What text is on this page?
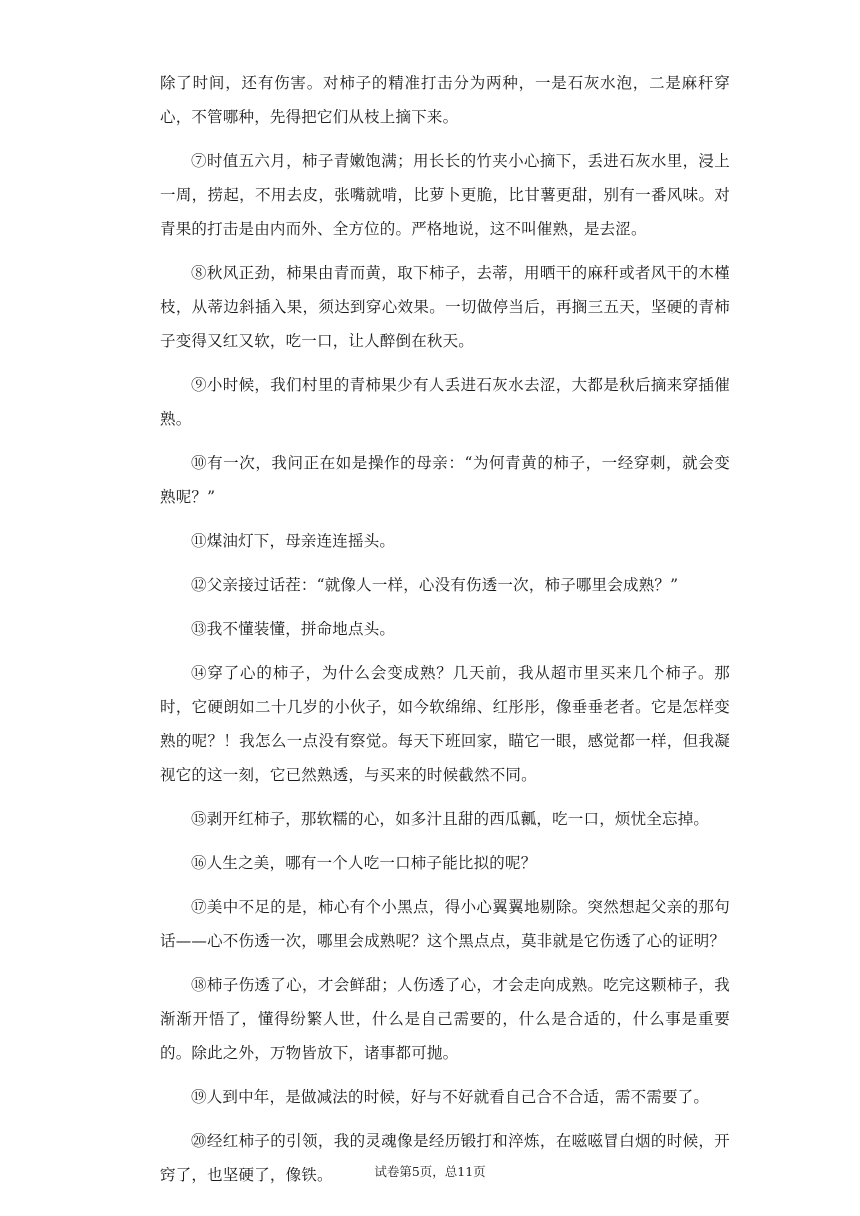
除了时间，还有伤害。对柿子的精准打击分为两种，一是石灰水泡，二是麻秆穿心，不管哪种，先得把它们从枝上摘下来。

⑦时值五六月，柿子青嫩饱满；用长长的竹夹小心摘下，丢进石灰水里，浸上一周，捞起，不用去皮，张嘴就啃，比萝卜更脆，比甘薯更甜，别有一番风味。对青果的打击是由内而外、全方位的。严格地说，这不叫催熟，是去涩。

⑧秋风正劲，柿果由青而黄，取下柿子，去蒂，用晒干的麻秆或者风干的木槿枝，从蒂边斜插入果，须达到穿心效果。一切做停当后，再搁三五天，坚硬的青柿子变得又红又软，吃一口，让人醉倒在秋天。

⑨小时候，我们村里的青柿果少有人丢进石灰水去涩，大都是秋后摘来穿插催熟。

⑩有一次，我问正在如是操作的母亲：“为何青黄的柿子，一经穿刺，就会变熟呢？”

⑪煤油灯下，母亲连连摇头。

⑫父亲接过话茬：“就像人一样，心没有伤透一次，柿子哪里会成熟？”

⑬我不懂装懂，拼命地点头。

⑭穿了心的柿子，为什么会变成熟？几天前，我从超市里买来几个柿子。那时，它硬朗如二十几岁的小伙子，如今软绵绵、红彤彤，像垂垂老者。它是怎样变熟的呢？！我怎么一点没有察觉。每天下班回家，瞄它一眼，感觉都一样，但我凝视它的这一刻，它已然熟透，与买来的时候截然不同。

⑮剥开红柿子，那软糯的心，如多汁且甜的西瓜瓤，吃一口，烦忧全忘掉。

⑯人生之美，哪有一个人吃一口柿子能比拟的呢？

⑰美中不足的是，柿心有个小黑点，得小心翼翼地剔除。突然想起父亲的那句话——心不伤透一次，哪里会成熟呢？这个黑点点，莫非就是它伤透了心的证明？

⑱柿子伤透了心，才会鲜甜；人伤透了心，才会走向成熟。吃完这颗柿子，我渐渐开悟了，懂得纷繁人世，什么是自己需要的，什么是合适的，什么事是重要的。除此之外，万物皆放下，诸事都可抛。

⑲人到中年，是做减法的时候，好与不好就看自己合不合适，需不需要了。

⑳经红柿子的引领，我的灵魂像是经历锻打和淬炼，在嗞嗞冒白烟的时候，开窍了，也坚硬了，像铁。	试卷第5页，总11页
